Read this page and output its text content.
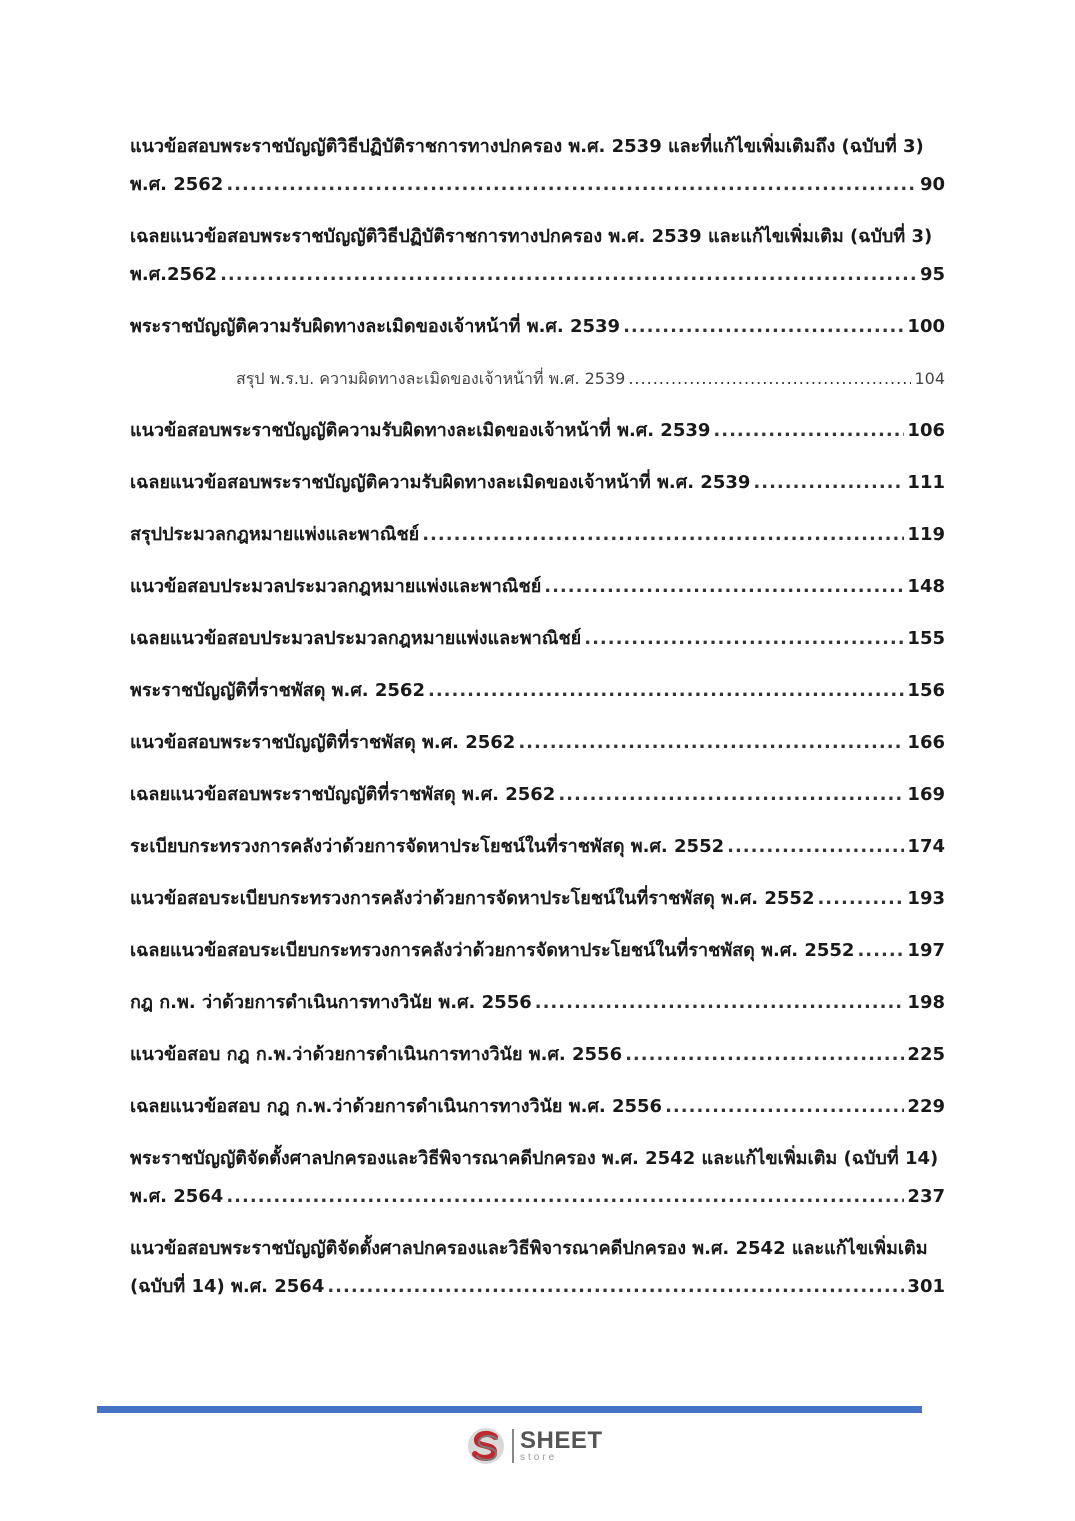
แนวข้อสอบพระราชบัญญัติวิธีปฏิบัติราชการทางปกครอง พ.ศ. 2539 และที่แก้ไขเพิ่มเติมถึง (ฉบับที่ 3)
พ.ศ. 2562 .....	90
เฉลยแนวข้อสอบพระราชบัญญัติวิธีปฏิบัติราชการทางปกครอง พ.ศ. 2539 และแก้ไขเพิ่มเติม (ฉบับที่ 3)
พ.ศ.2562 .....	95
พระราชบัญญัติความรับผิดทางละเมิดของเจ้าหน้าที่ พ.ศ. 2539 .....	100
สรุป พ.ร.บ. ความผิดทางละเมิดของเจ้าหน้าที่ พ.ศ. 2539 .....	104
แนวข้อสอบพระราชบัญญัติความรับผิดทางละเมิดของเจ้าหน้าที่ พ.ศ. 2539 .....	106
เฉลยแนวข้อสอบพระราชบัญญัติความรับผิดทางละเมิดของเจ้าหน้าที่ พ.ศ. 2539 .....	111
สรุปประมวลกฎหมายแพ่งและพาณิชย์ .....	119
แนวข้อสอบประมวลประมวลกฎหมายแพ่งและพาณิชย์ .....	148
เฉลยแนวข้อสอบประมวลประมวลกฎหมายแพ่งและพาณิชย์ .....	155
พระราชบัญญัติที่ราชพัสดุ พ.ศ. 2562 .....	156
แนวข้อสอบพระราชบัญญัติที่ราชพัสดุ พ.ศ. 2562 .....	166
เฉลยแนวข้อสอบพระราชบัญญัติที่ราชพัสดุ พ.ศ. 2562 .....	169
ระเบียบกระทรวงการคลังว่าด้วยการจัดหาประโยชน์ในที่ราชพัสดุ พ.ศ. 2552 .....	174
แนวข้อสอบระเบียบกระทรวงการคลังว่าด้วยการจัดหาประโยชน์ในที่ราชพัสดุ พ.ศ. 2552 .....	193
เฉลยแนวข้อสอบระเบียบกระทรวงการคลังว่าด้วยการจัดหาประโยชน์ในที่ราชพัสดุ พ.ศ. 2552 .....	197
กฎ ก.พ. ว่าด้วยการดำเนินการทางวินัย พ.ศ. 2556 .....	198
แนวข้อสอบ กฎ ก.พ.ว่าด้วยการดำเนินการทางวินัย พ.ศ. 2556 .....	225
เฉลยแนวข้อสอบ กฎ ก.พ.ว่าด้วยการดำเนินการทางวินัย พ.ศ. 2556 .....	229
พระราชบัญญัติจัดตั้งศาลปกครองและวิธีพิจารณาคดีปกครอง พ.ศ. 2542 และแก้ไขเพิ่มเติม (ฉบับที่ 14)
พ.ศ. 2564 .....	237
แนวข้อสอบพระราชบัญญัติจัดตั้งศาลปกครองและวิธีพิจารณาคดีปกครอง พ.ศ. 2542 และแก้ไขเพิ่มเติม
(ฉบับที่ 14) พ.ศ. 2564 .....	301
SHEET
store
